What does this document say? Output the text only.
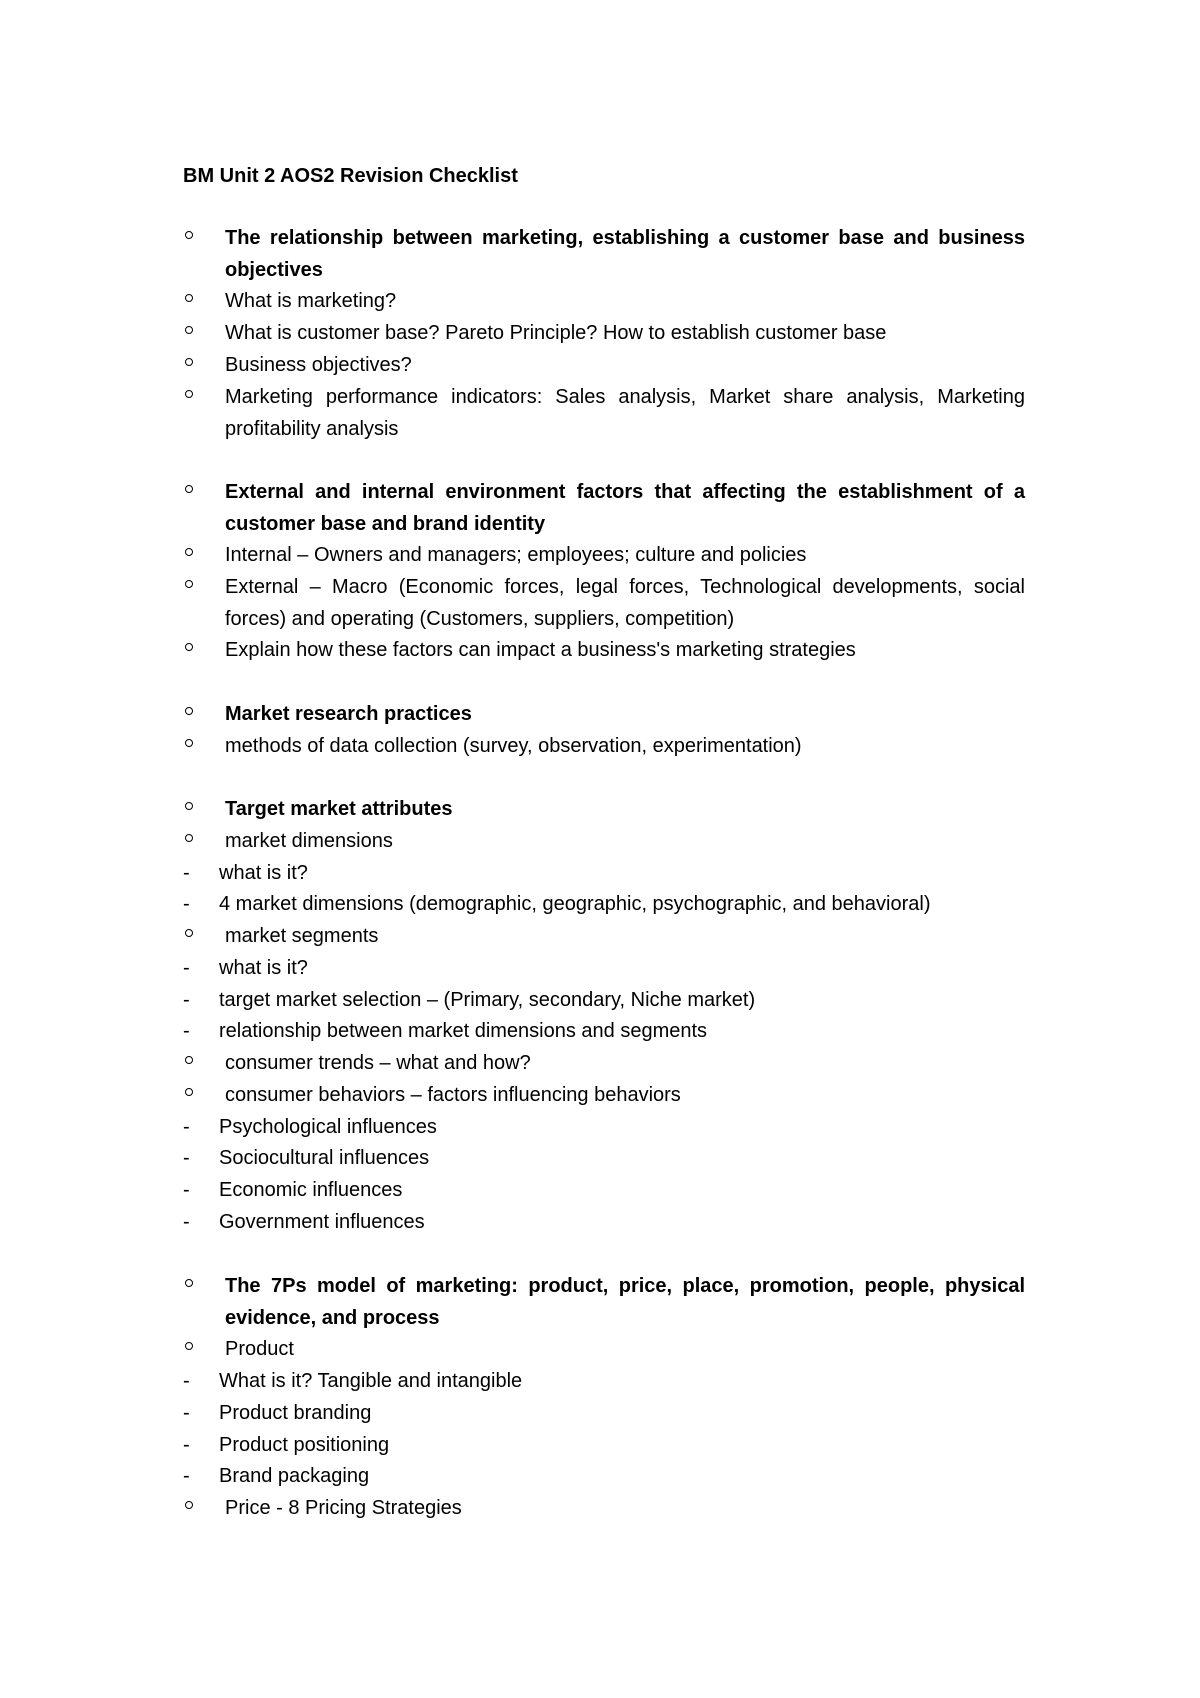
BM Unit 2 AOS2 Revision Checklist
The relationship between marketing, establishing a customer base and business objectives
What is marketing?
What is customer base? Pareto Principle? How to establish customer base
Business objectives?
Marketing performance indicators: Sales analysis, Market share analysis, Marketing profitability analysis
External and internal environment factors that affecting the establishment of a customer base and brand identity
Internal – Owners and managers; employees; culture and policies
External – Macro (Economic forces, legal forces, Technological developments, social forces) and operating (Customers, suppliers, competition)
Explain how these factors can impact a business's marketing strategies
Market research practices
methods of data collection (survey, observation, experimentation)
Target market attributes
market dimensions
-	what is it?
-	4 market dimensions (demographic, geographic, psychographic, and behavioral)
market segments
-	what is it?
-	target market selection – (Primary, secondary, Niche market)
-	relationship between market dimensions and segments
consumer trends – what and how?
consumer behaviors – factors influencing behaviors
-	Psychological influences
-	Sociocultural influences
-	Economic influences
-	Government influences
The 7Ps model of marketing: product, price, place, promotion, people, physical evidence, and process
Product
-	What is it? Tangible and intangible
-	Product branding
-	Product positioning
-	Brand packaging
Price - 8 Pricing Strategies
